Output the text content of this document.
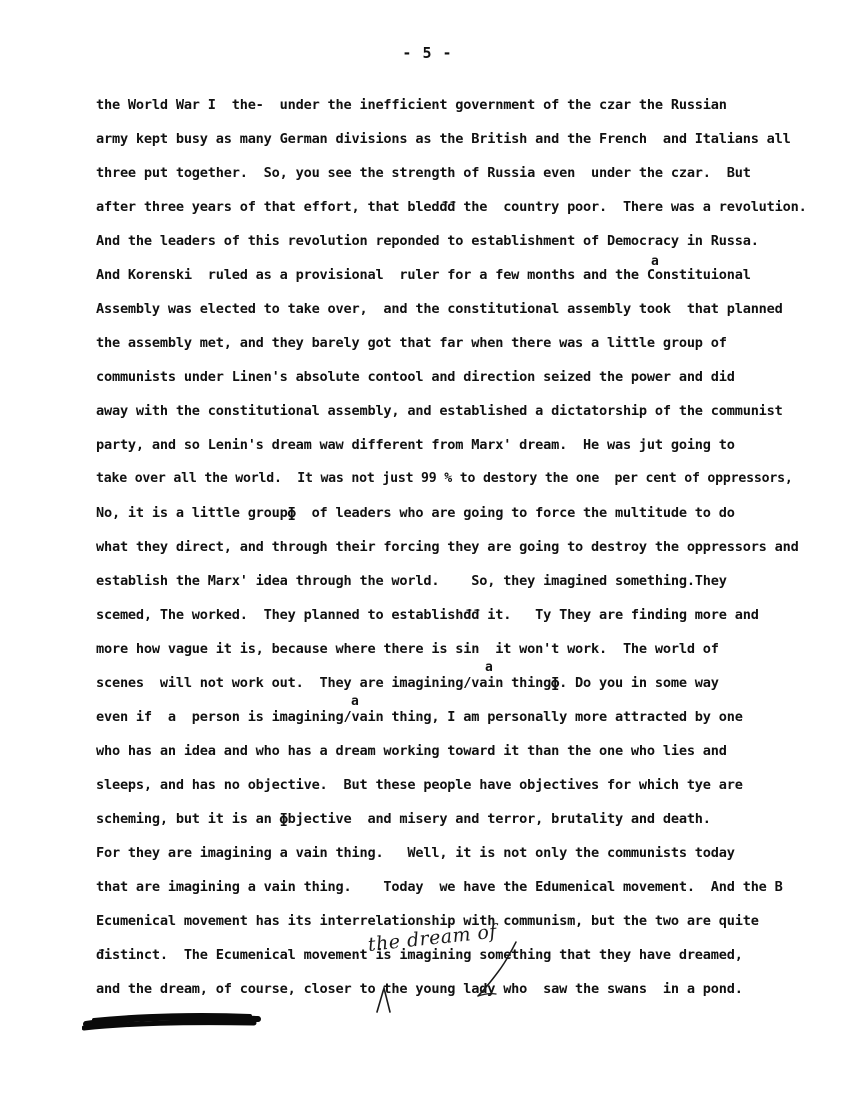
- 5 -
a
a
a
the World War I  the-  under the inefficient government of the czar the Russian
army kept busy as many German divisions as the British and the French  and Italians all
three put together.  So, you see the strength of Russia even  under the czar.  But
after three years of that effort, that bledđđ the  country poor.  There was a revolution.
And the leaders of this revolution reponded to establishment of Democracy in Russa.
And Korenski  ruled as a provisional  ruler for a few months and the Constituional
Assembly was elected to take over,  and the constitutional assembly took  that planned
the assembly met, and they barely got that far when there was a little group of
communists under Linen's absolute contool and direction seized the power and did
away with the constitutional assembly, and established a dictatorship of the communist
party, and so Lenin's dream waw different from Marx' dream.  He was jut going to
take over all the world.  It was not just 99 % to destory the one  per cent of oppressors,
No, it is a little groupɸ  of leaders who are going to force the multitude to do
what they direct, and through their forcing they are going to destroy the oppressors and
establish the Marx' idea through the world.    So, they imagined something.They
scemed, The worked.  They planned to establishđđ it.   Ty They are finding more and
more how vague it is, because where there is sin  it won't work.  The world of
scenes  will not work out.  They are imagining/vain thingɸ. Do you in some way
even if  a  person is imagining/vain thing, I am personally more attracted by one
who has an idea and who has a dream working toward it than the one who lies and
sleeps, and has no objective.  But these people have objectives for which tye are
scheming, but it is an ɸbjective  and misery and terror, brutality and death.
For they are imagining a vain thing.   Well, it is not only the communists today
that are imagining a vain thing.    Today  we have the Edumenical movement.  And the B
Ecumenical movement has its interrelationship with communism, but the two are quite
đistinct.  The Ecumenical movement is imagining something that they have dreamed,
and the dream, of course, closer to the young lady who  saw the swans  in a pond.
the dream of
